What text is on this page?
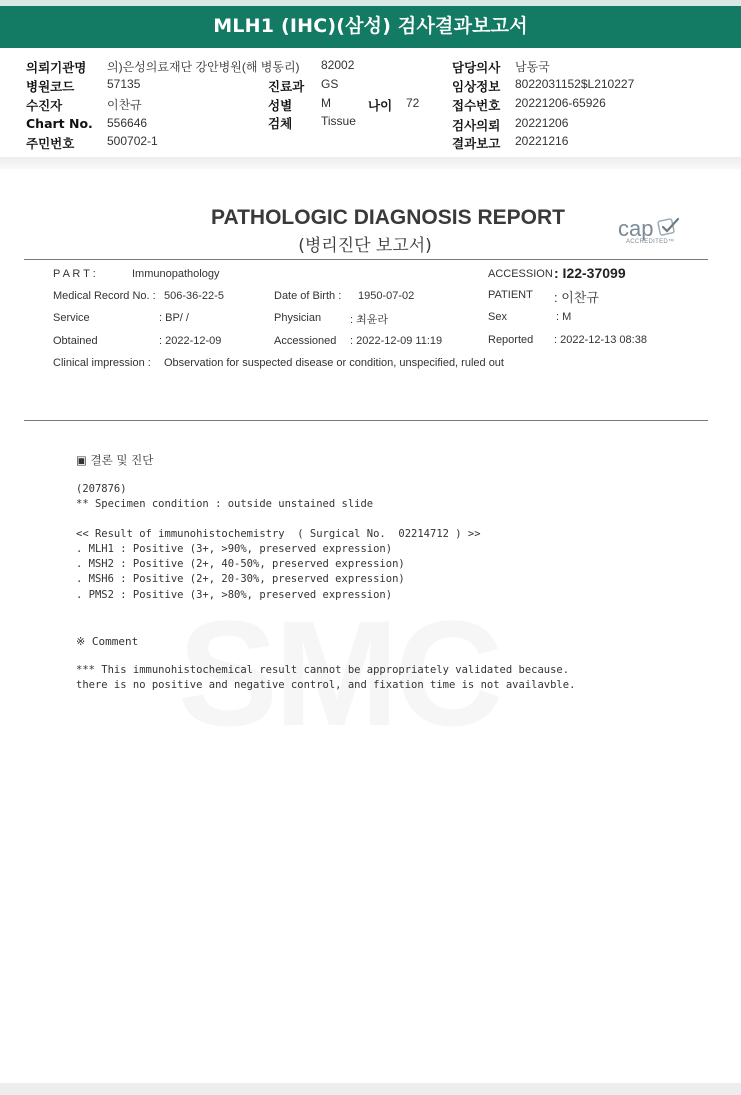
MLH1 (IHC)(삼성) 검사결과보고서
의뢰기관명 의)은성의료재단 강안병원(해 병동리) 82002	담당의사 남동국
병원코드	57135	진료과 GS	임상정보 8022031152$L210227
수진자	이찬규	성별 M	나이 72	접수번호 20221206-65926
Chart No. 556646	검체 Tissue	검사의뢰 20221206
주민번호	500702-1	결과보고 20221216
PATHOLOGIC DIAGNOSIS REPORT
(병리진단 보고서)
cap
ACCREDITED™
P A R T :	Immunopathology	ACCESSION : I22-37099
Medical Record No. : 506-36-22-5	Date of Birth : 1950-07-02	PATIENT : 이찬규
Service	: BP/ /	Physician	: 최윤라	Sex	: M
Obtained	: 2022-12-09	Accessioned : 2022-12-09 11:19	Reported : 2022-12-13 08:38
Clinical impression : Observation for suspected disease or condition, unspecified, ruled out
▣ 결론 및 진단
(207876)
** Specimen condition : outside unstained slide
<< Result of immunohistochemistry  ( Surgical No.  02214712 ) >>
. MLH1 : Positive (3+, >90%, preserved expression)
. MSH2 : Positive (2+, 40-50%, preserved expression)
. MSH6 : Positive (2+, 20-30%, preserved expression)
. PMS2 : Positive (3+, >80%, preserved expression)
※ Comment
*** This immunohistochemical result cannot be appropriately validated because.
there is no positive and negative control, and fixation time is not availavble.
